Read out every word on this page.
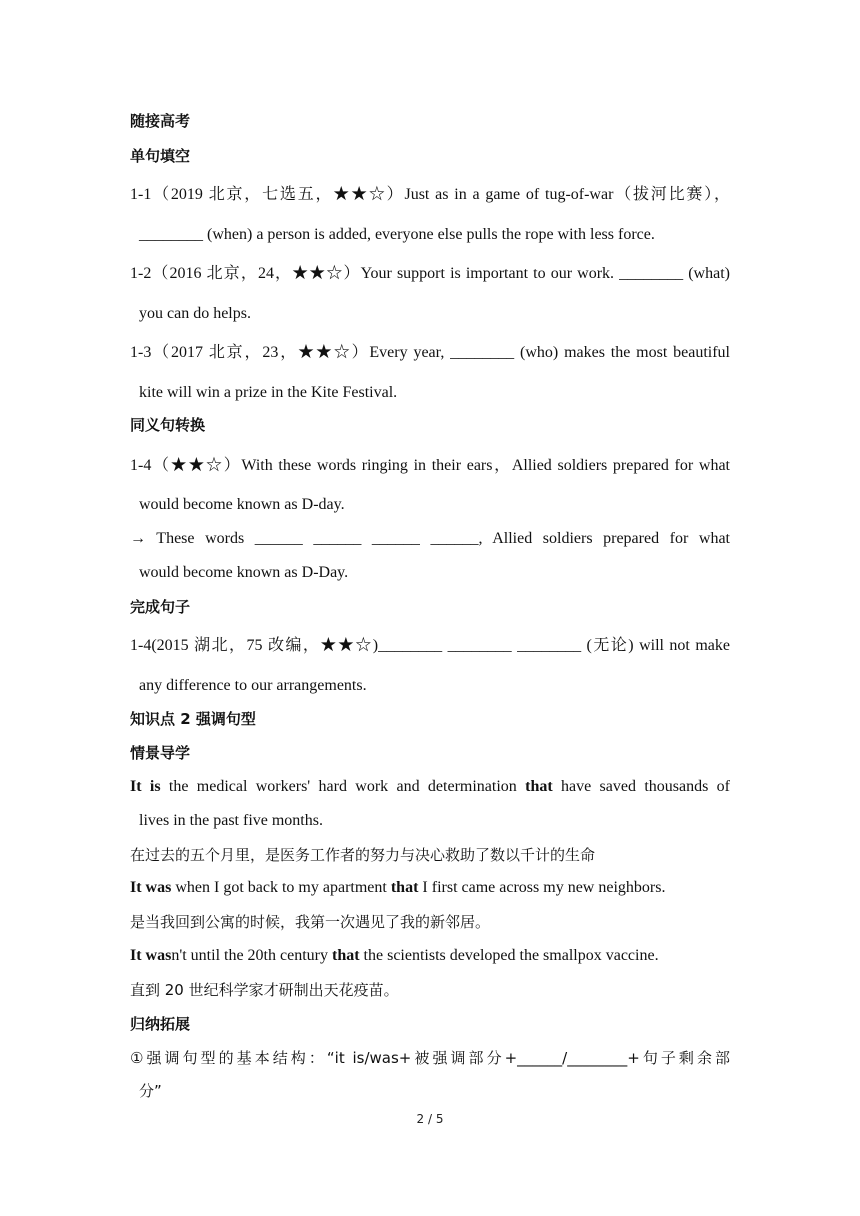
随接高考
单句填空
1-1（2019 北京，七选五，★★☆）Just as in a game of tug-of-war（拔河比赛），
________ (when) a person is added, everyone else pulls the rope with less force.
1-2（2016 北京，24，★★☆）Your support is important to our work. ________ (what)
you can do helps.
1-3（2017 北京，23，★★☆）Every year, ________ (who) makes the most beautiful
kite will win a prize in the Kite Festival.
同义句转换
1-4（★★☆）With these words ringing in their ears，Allied soldiers prepared for what
would become known as D-day.
→ These words ______ ______ ______ ______, Allied soldiers prepared for what
would become known as D-Day.
完成句子
1-4(2015 湖北，75 改编，★★☆)________ ________ ________ (无论) will not make
any difference to our arrangements.
知识点 2 强调句型
情景导学
It is the medical workers' hard work and determination that have saved thousands of
lives in the past five months.
在过去的五个月里，是医务工作者的努力与决心救助了数以千计的生命
It was when I got back to my apartment that I first came across my new neighbors.
是当我回到公寓的时候，我第一次遇见了我的新邻居。
It wasn't until the 20th century that the scientists developed the smallpox vaccine.
直到 20 世纪科学家才研制出天花疫苗。
归纳拓展
①强调句型的基本结构：“it is/was+被强调部分+______/________+句子剩余部
分”
2 / 5
